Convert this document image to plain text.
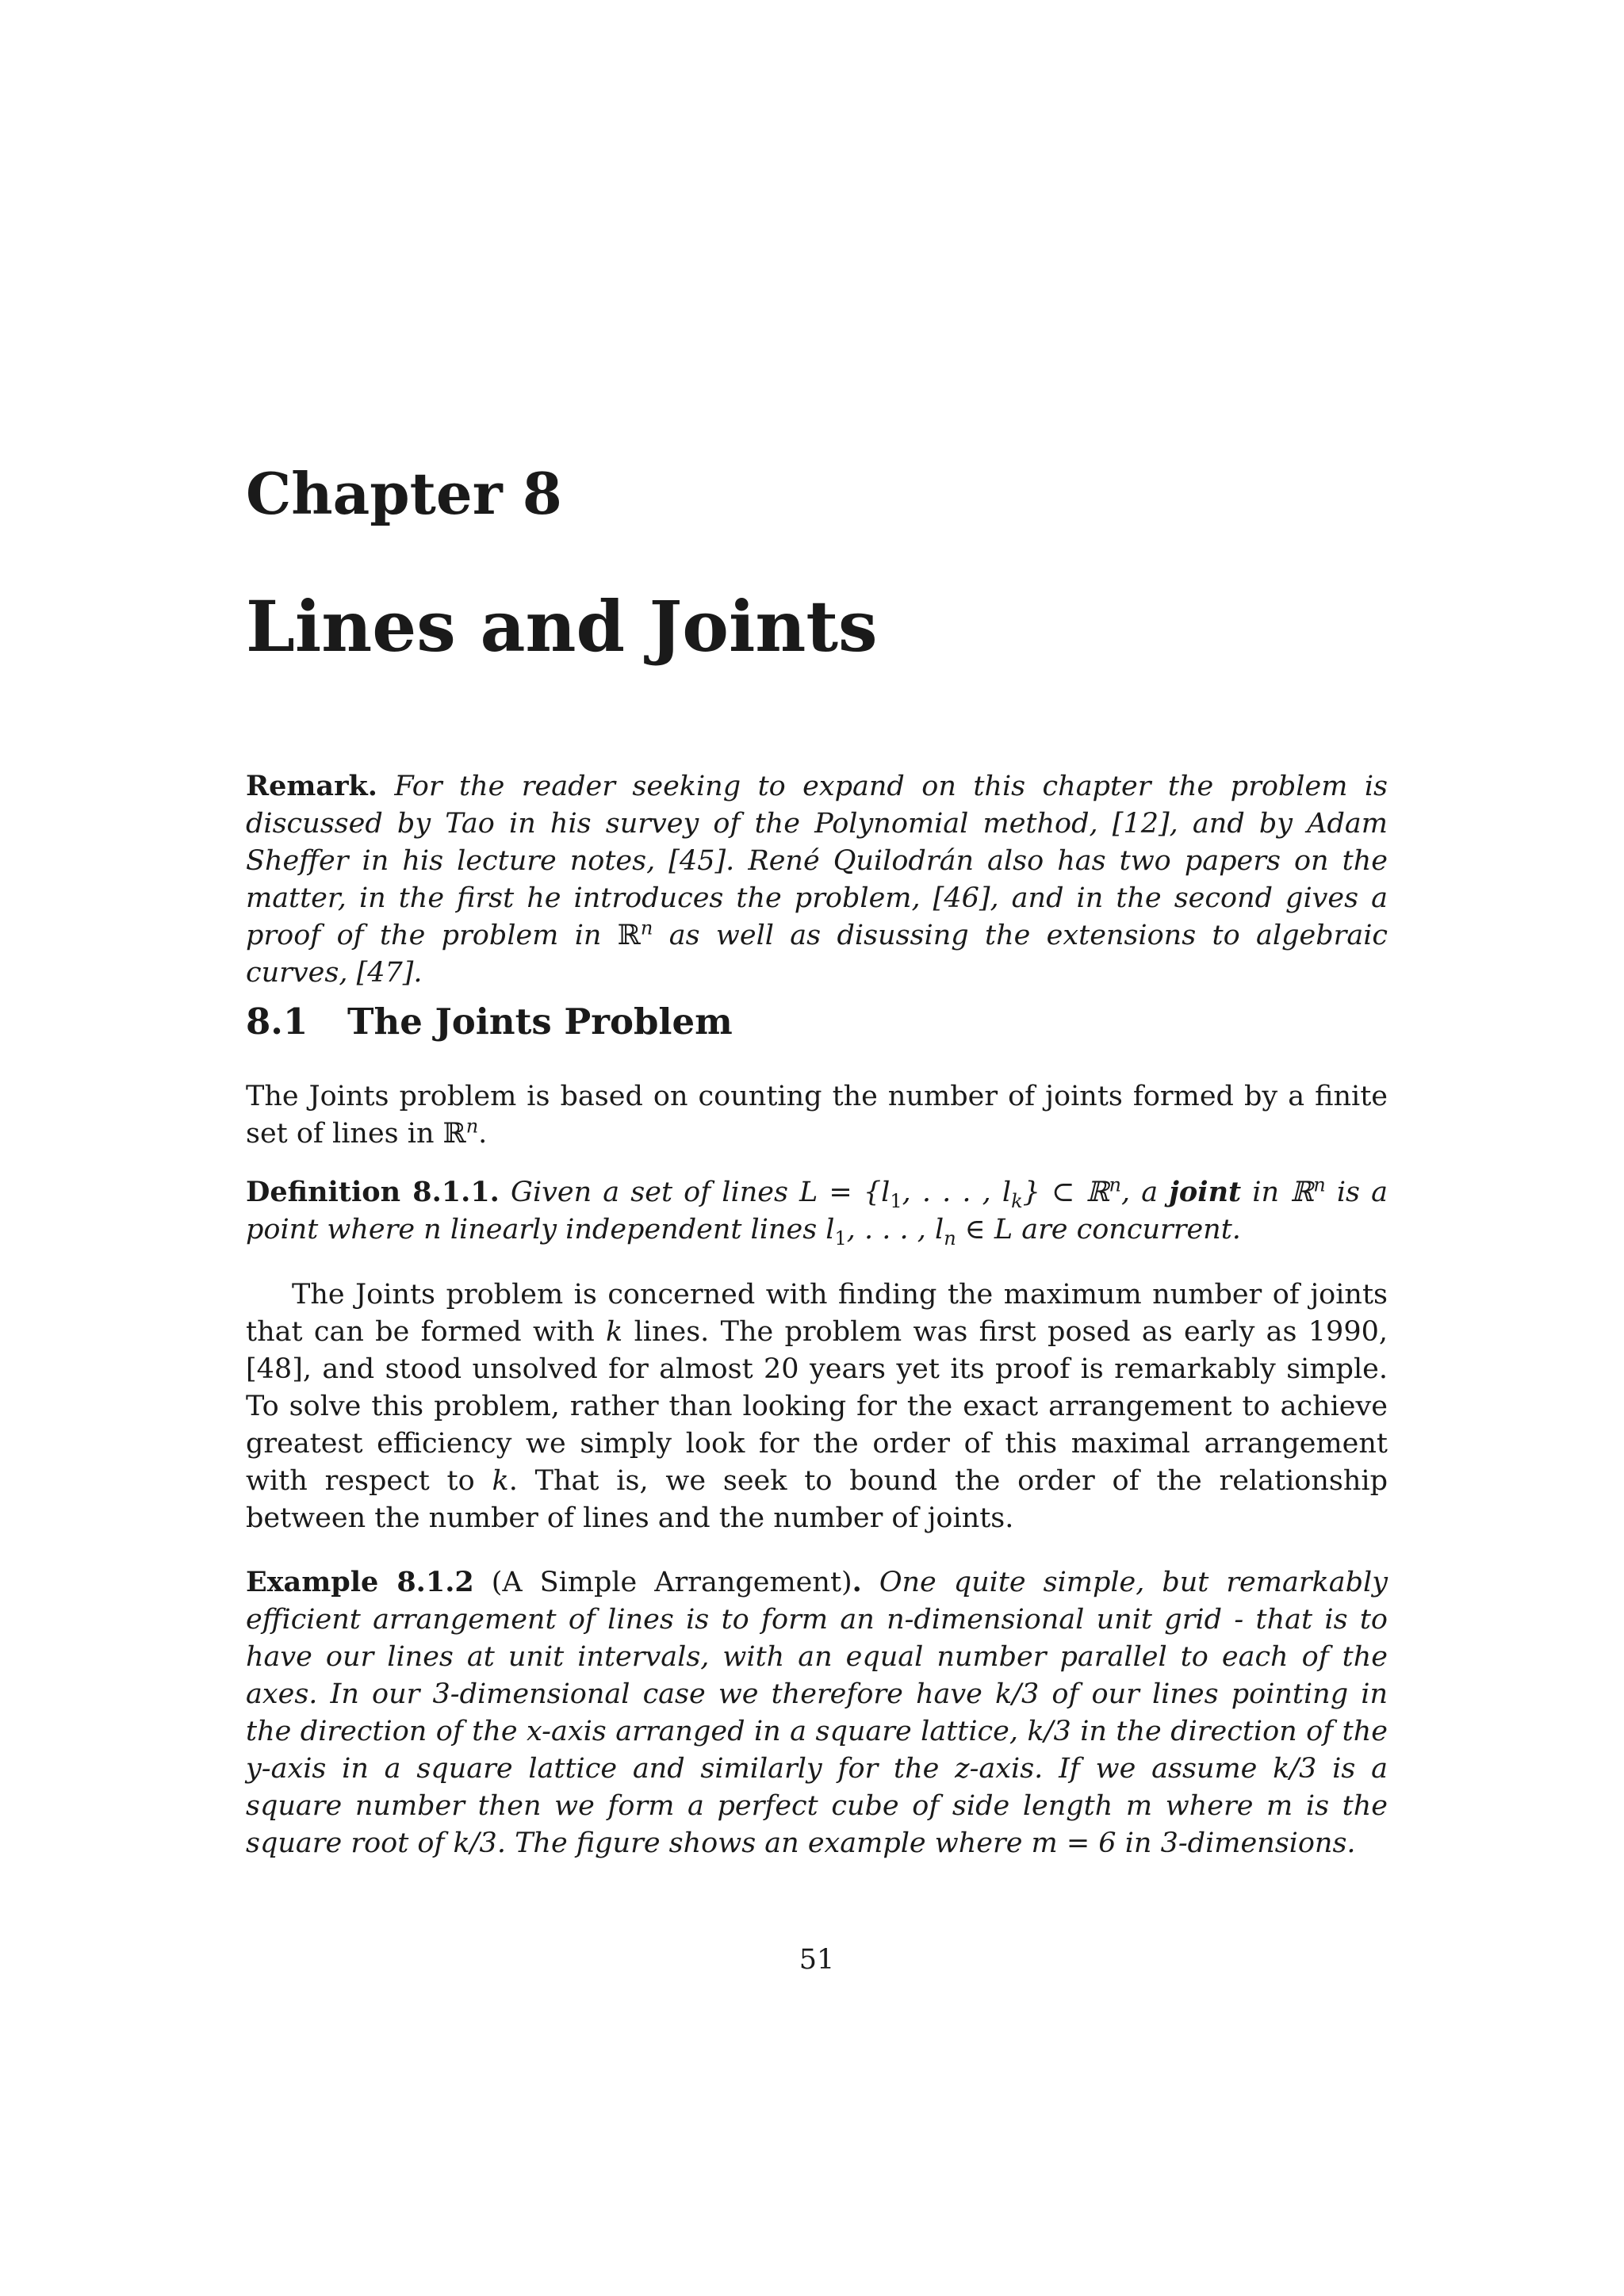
Chapter 8
Lines and Joints
Remark. For the reader seeking to expand on this chapter the problem is discussed by Tao in his survey of the Polynomial method, [12], and by Adam Sheffer in his lecture notes, [45]. René Quilodrán also has two papers on the matter, in the first he introduces the problem, [46], and in the second gives a proof of the problem in ℝ$^n$ as well as disussing the extensions to algebraic curves, [47].
8.1 The Joints Problem
The Joints problem is based on counting the number of joints formed by a finite set of lines in ℝ$^n$.
Definition 8.1.1. Given a set of lines $L = \{l_1$, . . . , $l_k$} ⊂ ℝ$^n$, a joint in ℝ$^n$ is a point where n linearly independent lines $l_1$, . . . , $l_n$ ∈ L are concurrent.
The Joints problem is concerned with finding the maximum number of joints that can be formed with k lines. The problem was first posed as early as 1990, [48], and stood unsolved for almost 20 years yet its proof is remarkably simple. To solve this problem, rather than looking for the exact arrangement to achieve greatest efficiency we simply look for the order of this maximal arrangement with respect to k. That is, we seek to bound the order of the relationship between the number of lines and the number of joints.
Example 8.1.2 (A Simple Arrangement). One quite simple, but remarkably efficient arrangement of lines is to form an n-dimensional unit grid - that is to have our lines at unit intervals, with an equal number parallel to each of the axes. In our 3-dimensional case we therefore have k/3 of our lines pointing in the direction of the x-axis arranged in a square lattice, k/3 in the direction of the y-axis in a square lattice and similarly for the z-axis. If we assume k/3 is a square number then we form a perfect cube of side length m where m is the square root of k/3. The figure shows an example where m = 6 in 3-dimensions.
51
